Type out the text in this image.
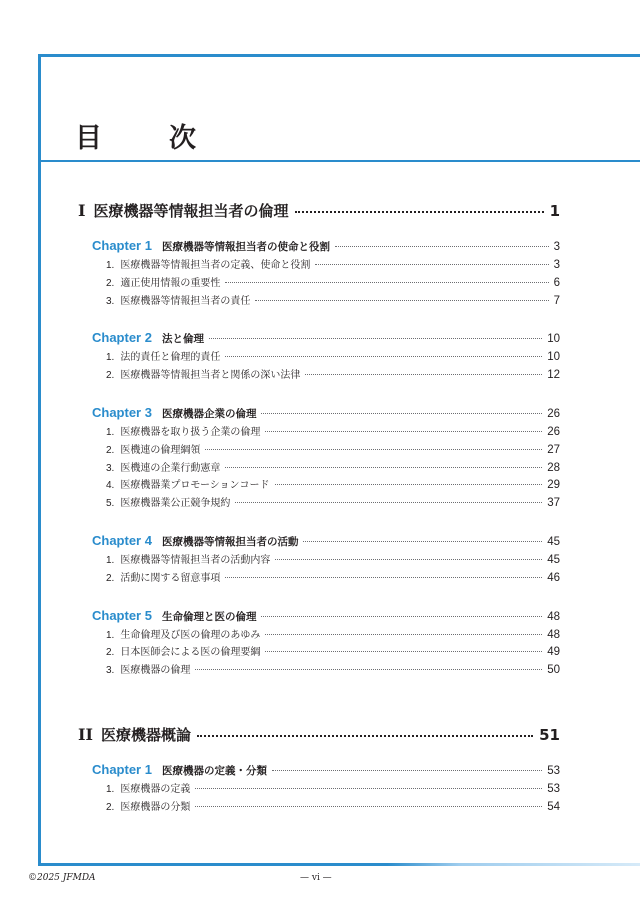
目　次
I 医療機器等情報担当者の倫理	1
Chapter 1 医療機器等情報担当者の使命と役割	3
1. 医療機器等情報担当者の定義、使命と役割	3
2. 適正使用情報の重要性	6
3. 医療機器等情報担当者の責任	7
Chapter 2 法と倫理	10
1. 法的責任と倫理的責任	10
2. 医療機器等情報担当者と関係の深い法律	12
Chapter 3 医療機器企業の倫理	26
1. 医療機器を取り扱う企業の倫理	26
2. 医機連の倫理綱領	27
3. 医機連の企業行動憲章	28
4. 医療機器業プロモーションコード	29
5. 医療機器業公正競争規約	37
Chapter 4 医療機器等情報担当者の活動	45
1. 医療機器等情報担当者の活動内容	45
2. 活動に関する留意事項	46
Chapter 5 生命倫理と医の倫理	48
1. 生命倫理及び医の倫理のあゆみ	48
2. 日本医師会による医の倫理要綱	49
3. 医療機器の倫理	50
II 医療機器概論	51
Chapter 1 医療機器の定義・分類	53
1. 医療機器の定義	53
2. 医療機器の分類	54
©2025 JFMDA	— vi —
